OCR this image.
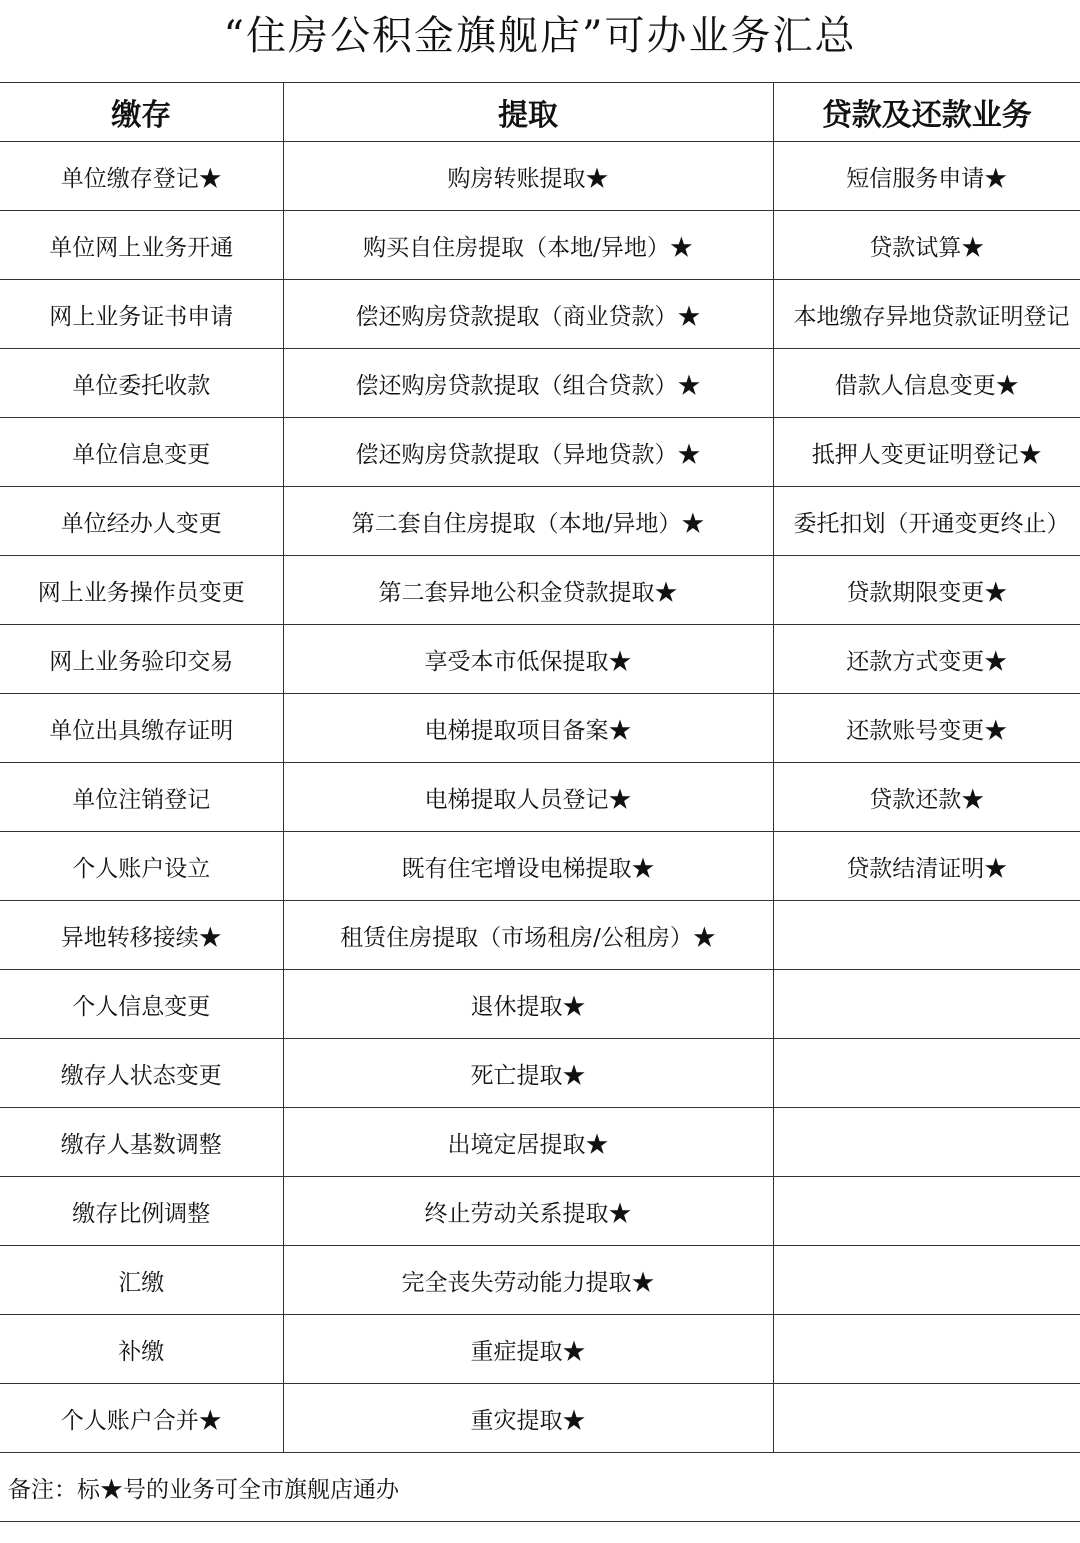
“住房公积金旗舰店”可办业务汇总
缴存	提取	贷款及还款业务
单位缴存登记★	购房转账提取★	短信服务申请★
单位网上业务开通	购买自住房提取（本地/异地）★	贷款试算★
网上业务证书申请	偿还购房贷款提取（商业贷款）★	本地缴存异地贷款证明登记
单位委托收款	偿还购房贷款提取（组合贷款）★	借款人信息变更★
单位信息变更	偿还购房贷款提取（异地贷款）★	抵押人变更证明登记★
单位经办人变更	第二套自住房提取（本地/异地）★	委托扣划（开通变更终止）
网上业务操作员变更	第二套异地公积金贷款提取★	贷款期限变更★
网上业务验印交易	享受本市低保提取★	还款方式变更★
单位出具缴存证明	电梯提取项目备案★	还款账号变更★
单位注销登记	电梯提取人员登记★	贷款还款★
个人账户设立	既有住宅增设电梯提取★	贷款结清证明★
异地转移接续★	租赁住房提取（市场租房/公租房）★	
个人信息变更	退休提取★	
缴存人状态变更	死亡提取★	
缴存人基数调整	出境定居提取★	
缴存比例调整	终止劳动关系提取★	
汇缴	完全丧失劳动能力提取★	
补缴	重症提取★	
个人账户合并★	重灾提取★	
备注：标★号的业务可全市旗舰店通办		
